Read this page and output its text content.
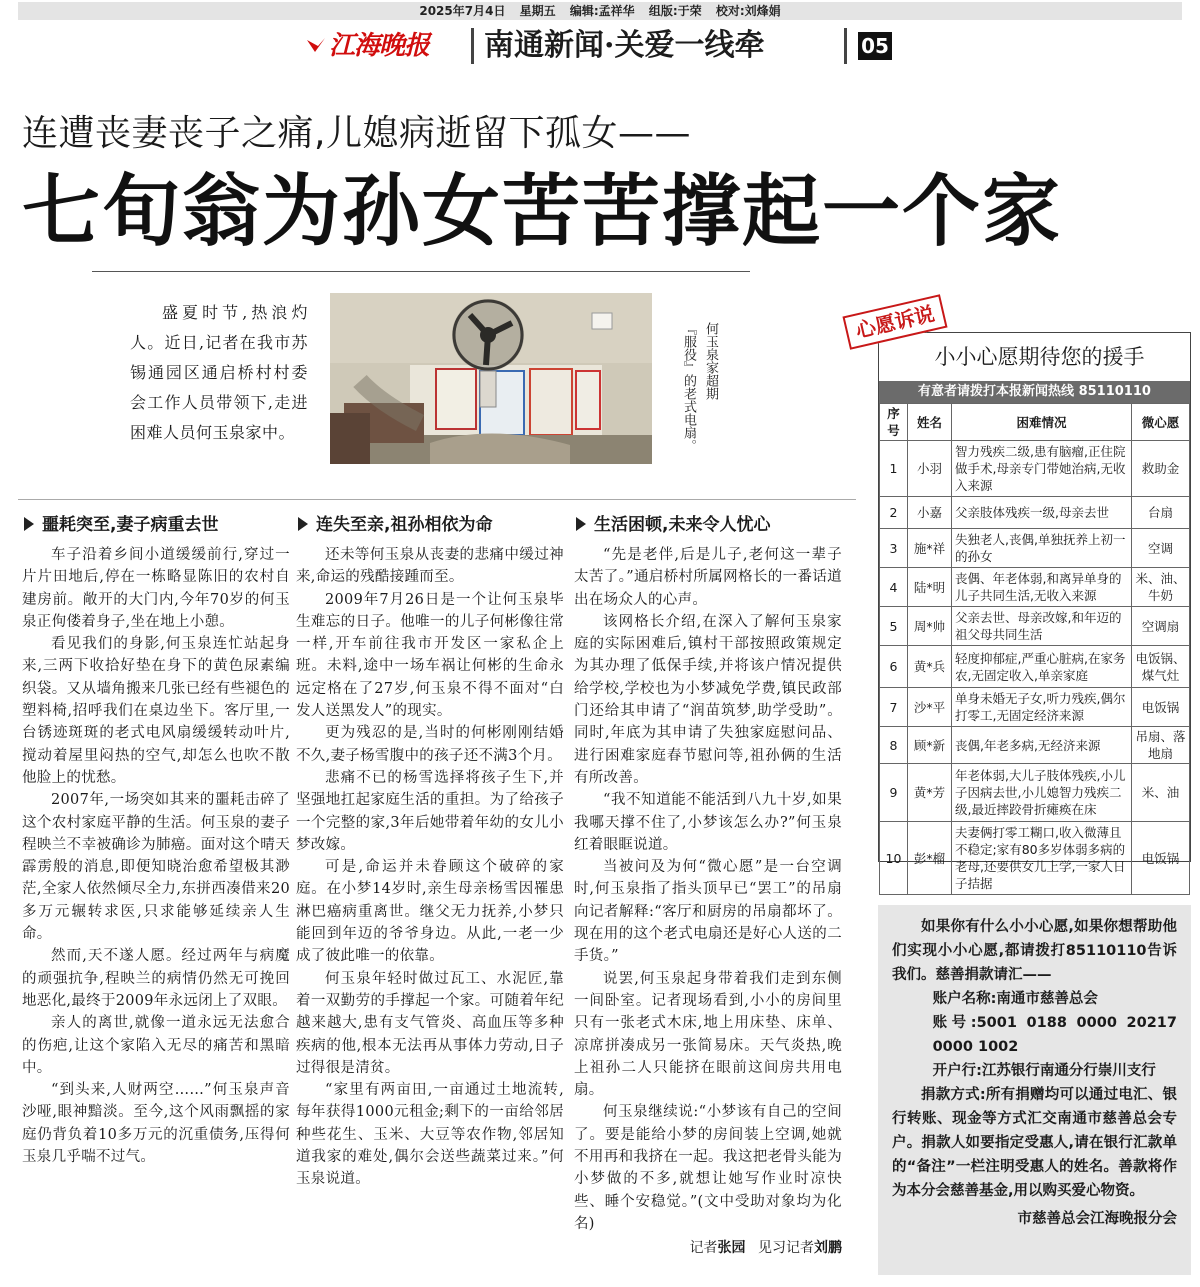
2025年7月4日 星期五 编辑:孟祥华 组版:于荣 校对:刘烽娟
江海晚报 南通新闻·关爱一线牵	05
连遭丧妻丧子之痛,儿媳病逝留下孤女——
七旬翁为孙女苦苦撑起一个家
盛夏时节,热浪灼人。近日,记者在我市苏锡通园区通启桥村村委会工作人员带领下,走进困难人员何玉泉家中。
何玉泉家超期
『服役』的老式电扇。
噩耗突至,妻子病重去世

车子沿着乡间小道缓缓前行,穿过一片片田地后,停在一栋略显陈旧的农村自建房前。敞开的大门内,今年70岁的何玉泉正佝偻着身子,坐在地上小憩。

看见我们的身影,何玉泉连忙站起身来,三两下收拾好垫在身下的黄色尿素编织袋。又从墙角搬来几张已经有些褪色的塑料椅,招呼我们在桌边坐下。客厅里,一台锈迹斑斑的老式电风扇缓缓转动叶片,搅动着屋里闷热的空气,却怎么也吹不散他脸上的忧愁。

2007年,一场突如其来的噩耗击碎了这个农村家庭平静的生活。何玉泉的妻子程映兰不幸被确诊为肺癌。面对这个晴天霹雳般的消息,即便知晓治愈希望极其渺茫,全家人依然倾尽全力,东拼西凑借来20多万元辗转求医,只求能够延续亲人生命。

然而,天不遂人愿。经过两年与病魔的顽强抗争,程映兰的病情仍然无可挽回地恶化,最终于2009年永远闭上了双眼。

亲人的离世,就像一道永远无法愈合的伤疤,让这个家陷入无尽的痛苦和黑暗中。

“到头来,人财两空……”何玉泉声音沙哑,眼神黯淡。至今,这个风雨飘摇的家庭仍背负着10多万元的沉重债务,压得何玉泉几乎喘不过气。

连失至亲,祖孙相依为命

还未等何玉泉从丧妻的悲痛中缓过神来,命运的残酷接踵而至。

2009年7月26日是一个让何玉泉毕生难忘的日子。他唯一的儿子何彬像往常一样,开车前往我市开发区一家私企上班。未料,途中一场车祸让何彬的生命永远定格在了27岁,何玉泉不得不面对“白发人送黑发人”的现实。

更为残忍的是,当时的何彬刚刚结婚不久,妻子杨雪腹中的孩子还不满3个月。

悲痛不已的杨雪选择将孩子生下,并坚强地扛起家庭生活的重担。为了给孩子一个完整的家,3年后她带着年幼的女儿小梦改嫁。

可是,命运并未眷顾这个破碎的家庭。在小梦14岁时,亲生母亲杨雪因罹患淋巴癌病重离世。继父无力抚养,小梦只能回到年迈的爷爷身边。从此,一老一少成了彼此唯一的依靠。

何玉泉年轻时做过瓦工、水泥匠,靠着一双勤劳的手撑起一个家。可随着年纪越来越大,患有支气管炎、高血压等多种疾病的他,根本无法再从事体力劳动,日子过得很是清贫。

“家里有两亩田,一亩通过土地流转,每年获得1000元租金;剩下的一亩给邻居种些花生、玉米、大豆等农作物,邻居知道我家的难处,偶尔会送些蔬菜过来。”何玉泉说道。

生活困顿,未来令人忧心

“先是老伴,后是儿子,老何这一辈子太苦了。”通启桥村所属网格长的一番话道出在场众人的心声。

该网格长介绍,在深入了解何玉泉家庭的实际困难后,镇村干部按照政策规定为其办理了低保手续,并将该户情况提供给学校,学校也为小梦减免学费,镇民政部门还给其申请了“润苗筑梦,助学受助”。同时,年底为其申请了失独家庭慰问品、进行困难家庭春节慰问等,祖孙俩的生活有所改善。

“我不知道能不能活到八九十岁,如果我哪天撑不住了,小梦该怎么办?”何玉泉红着眼眶说道。

当被问及为何“微心愿”是一台空调时,何玉泉指了指头顶早已“罢工”的吊扇向记者解释:“客厅和厨房的吊扇都坏了。现在用的这个老式电扇还是好心人送的二手货。”

说罢,何玉泉起身带着我们走到东侧一间卧室。记者现场看到,小小的房间里只有一张老式木床,地上用床垫、床单、凉席拼凑成另一张简易床。天气炎热,晚上祖孙二人只能挤在眼前这间房共用电扇。

何玉泉继续说:“小梦该有自己的空间了。要是能给小梦的房间装上空调,她就不用再和我挤在一起。我这把老骨头能为小梦做的不多,就想让她写作业时凉快些、睡个安稳觉。”(文中受助对象均为化名)

记者张园 见习记者刘鹏
心愿诉说
小小心愿期待您的援手
有意者请拨打本报新闻热线 85110110
序号	姓名	困难情况	微心愿
1	小羽	智力残疾二级,患有脑瘤,正住院做手术,母亲专门带她治病,无收入来源	救助金
2	小嘉	父亲肢体残疾一级,母亲去世	台扇
3	施*祥	失独老人,丧偶,单独抚养上初一的孙女	空调
4	陆*明	丧偶、年老体弱,和离异单身的儿子共同生活,无收入来源	米、油、牛奶
5	周*帅	父亲去世、母亲改嫁,和年迈的祖父母共同生活	空调扇
6	黄*兵	轻度抑郁症,严重心脏病,在家务农,无固定收入,单亲家庭	电饭锅、煤气灶
7	沙*平	单身未婚无子女,听力残疾,偶尔打零工,无固定经济来源	电饭锅
8	顾*新	丧偶,年老多病,无经济来源	吊扇、落地扇
9	黄*芳	年老体弱,大儿子肢体残疾,小儿子因病去世,小儿媳智力残疾二级,最近摔跤骨折瘫痪在床	米、油
10	彭*榴	夫妻俩打零工糊口,收入微薄且不稳定;家有80多岁体弱多病的老母,还要供女儿上学,一家人日子拮据	电饭锅

如果你有什么小小心愿,如果你想帮助他们实现小小心愿,都请拨打85110110告诉我们。慈善捐款请汇——

账户名称:南通市慈善总会

账号:5001 0188 0000 20217 0000 1002

开户行:江苏银行南通分行崇川支行

捐款方式:所有捐赠均可以通过电汇、银行转账、现金等方式汇交南通市慈善总会专户。捐款人如要指定受惠人,请在银行汇款单的“备注”一栏注明受惠人的姓名。善款将作为本分会慈善基金,用以购买爱心物资。

市慈善总会江海晚报分会
